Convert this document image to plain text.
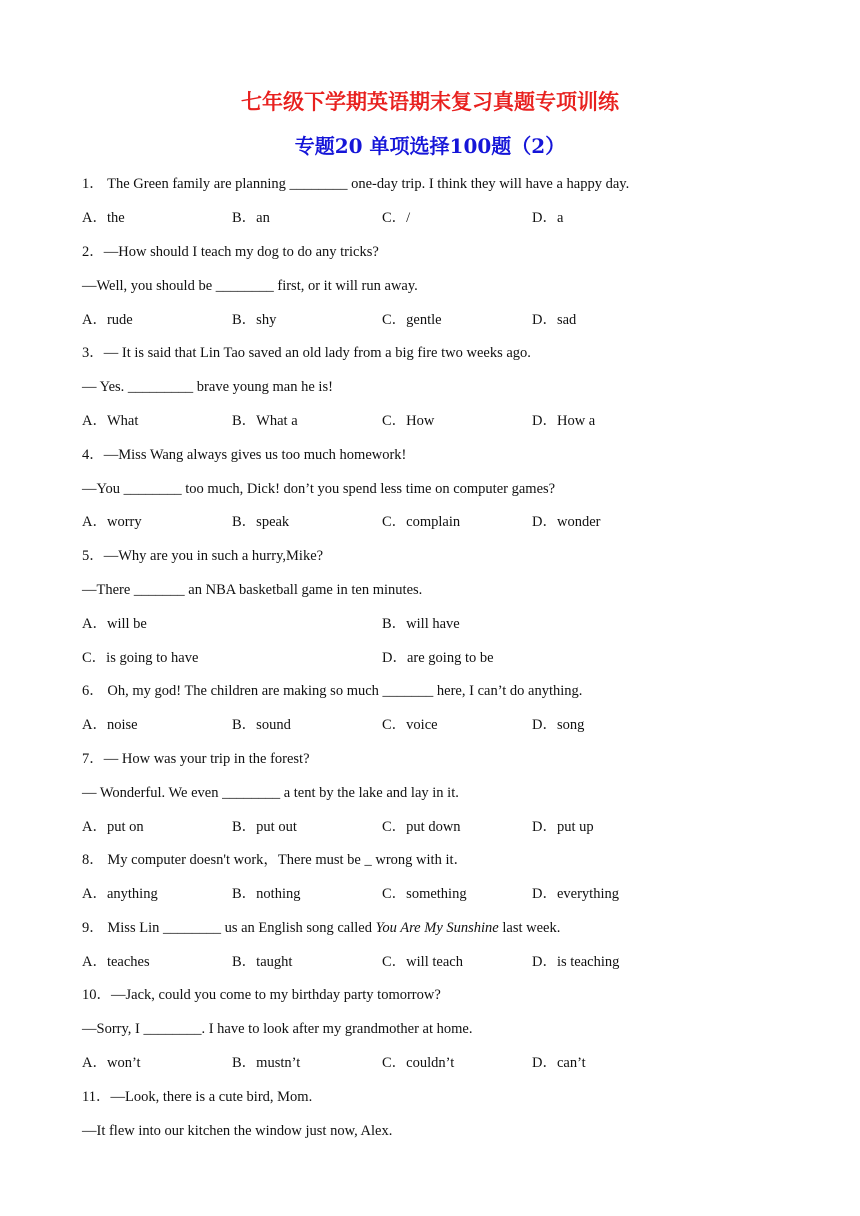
七年级下学期英语期末复习真题专项训练
专题20 单项选择100题（2）
1． The Green family are planning ________ one-day trip. I think they will have a happy day.
A．the	B．an	C．/	D．a
2．—How should I teach my dog to do any tricks?
—Well, you should be ________ first, or it will run away.
A．rude	B．shy	C．gentle	D．sad
3．— It is said that Lin Tao saved an old lady from a big fire two weeks ago.
— Yes. _________ brave young man he is!
A．What	B．What a	C．How	D．How a
4．—Miss Wang always gives us too much homework!
—You ________ too much, Dick! don’t you spend less time on computer games?
A．worry	B．speak	C．complain	D．wonder
5．—Why are you in such a hurry,Mike?
—There _______ an NBA basketball game in ten minutes.
A．will be	B．will have
C．is going to have	D．are going to be
6． Oh, my god! The children are making so much _______ here, I can’t do anything.
A．noise	B．sound	C．voice	D．song
7．— How was your trip in the forest?
— Wonderful. We even ________ a tent by the lake and lay in it.
A．put on	B．put out	C．put down	D．put up
8． My computer doesn't work，There must be _ wrong with it．
A．anything	B．nothing	C．something	D．everything
9． Miss Lin ________ us an English song called You Are My Sunshine last week.
A．teaches	B．taught	C．will teach	D．is teaching
10．—Jack, could you come to my birthday party tomorrow?
—Sorry, I ________. I have to look after my grandmother at home.
A．won’t	B．mustn’t	C．couldn’t	D．can’t
11．—Look, there is a cute bird, Mom.
—It flew into our kitchen the window just now, Alex.
